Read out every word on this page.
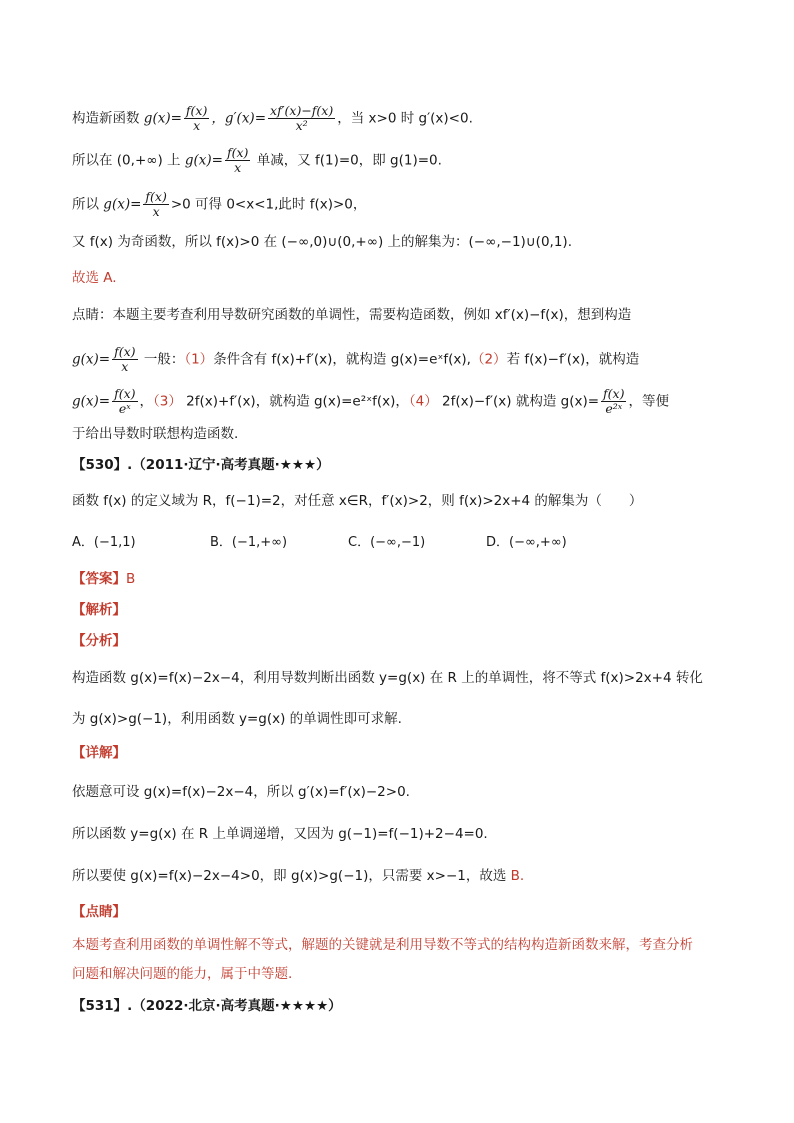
构造新函数 $g(x)= \frac{f(x)}{x}$ ，$g'(x)= \frac{xf'(x)-f(x)}{\text{x²}}$ ，当 x>0 时 g′(x)<0.
所以在 (0,+∞) 上 $g(x)= \frac{f(x)}{x}$ 单减，又 f(1)=0，即 g(1)=0.
所以 $g(x)= \frac{f(x)}{x} >0$ 可得 0<x<1,此时 f(x)>0，
又 f(x) 为奇函数，所以 f(x)>0 在 (−∞,0)∪(0,+∞) 上的解集为：(−∞,−1)∪(0,1).
故选 A.
点睛：本题主要考查利用导数研究函数的单调性，需要构造函数，例如 xf′(x)−f(x)，想到构造
$g(x)= \frac{f(x)}{x}$ 一般：（1）条件含有 f(x)+f′(x)，就构造 g(x)=eˣf(x),（2）若 f(x)−f′(x)，就构造
$g(x)= \frac{f(x)}{\text{eˣ}}$ ，（3） 2f(x)+f′(x)，就构造 g(x)=e²ˣf(x)，（4） 2f(x)−f′(x) 就构造 $g(x)= \frac{f(x)}{\text{e²ˣ}}$ ，等便
于给出导数时联想构造函数.
【530】.（2011·辽宁·高考真题·★★★）
函数 f(x) 的定义域为 R，f(−1)=2，对任意 x∈R，f′(x)>2，则 f(x)>2x+4 的解集为（　　）
A．(−1,1)	B．(−1,+∞)	C．(−∞,−1)	D．(−∞,+∞)
【答案】B
【解析】
【分析】
构造函数 g(x)=f(x)−2x−4，利用导数判断出函数 y=g(x) 在 R 上的单调性，将不等式 f(x)>2x+4 转化
为 g(x)>g(−1)，利用函数 y=g(x) 的单调性即可求解.
【详解】
依题意可设 g(x)=f(x)−2x−4，所以 g′(x)=f′(x)−2>0.
所以函数 y=g(x) 在 R 上单调递增，又因为 g(−1)=f(−1)+2−4=0.
所以要使 g(x)=f(x)−2x−4>0，即 g(x)>g(−1)，只需要 x>−1，故选 B.
【点睛】
本题考查利用函数的单调性解不等式，解题的关键就是利用导数不等式的结构构造新函数来解，考查分析
问题和解决问题的能力，属于中等题.
【531】.（2022·北京·高考真题·★★★★）
